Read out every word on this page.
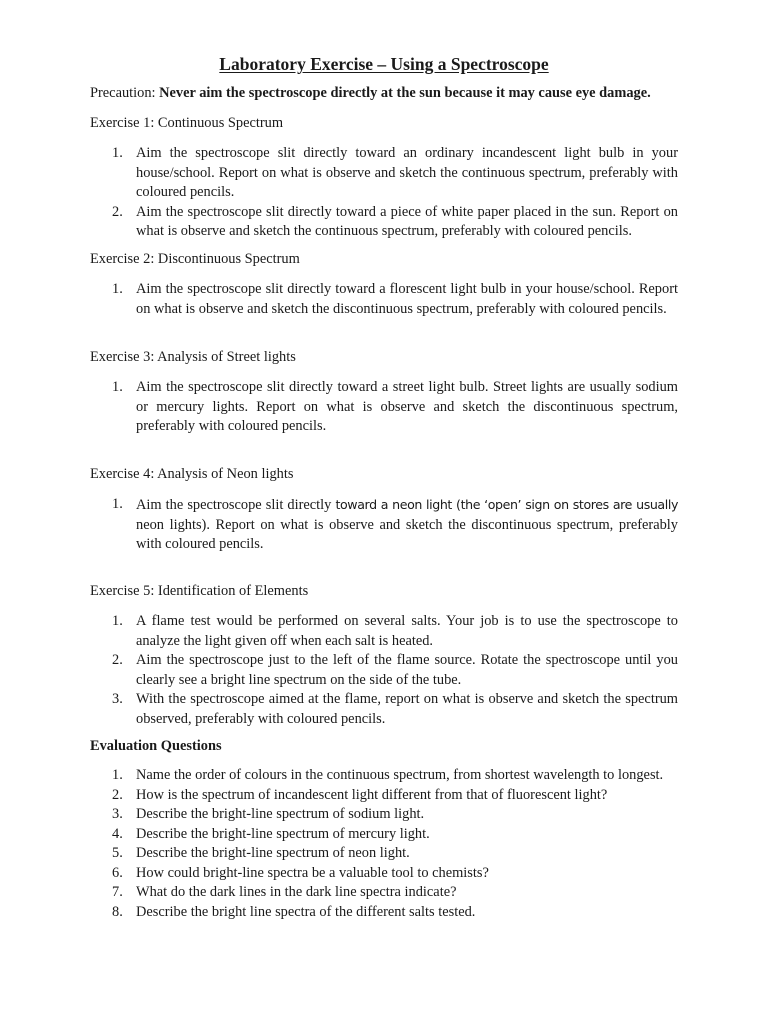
Laboratory Exercise – Using a Spectroscope

Precaution: Never aim the spectroscope directly at the sun because it may cause eye damage.

Exercise 1: Continuous Spectrum

1. Aim the spectroscope slit directly toward an ordinary incandescent light bulb in your house/school. Report on what is observe and sketch the continuous spectrum, preferably with coloured pencils.
2. Aim the spectroscope slit directly toward a piece of white paper placed in the sun. Report on what is observe and sketch the continuous spectrum, preferably with coloured pencils.

Exercise 2: Discontinuous Spectrum

1. Aim the spectroscope slit directly toward a florescent light bulb in your house/school. Report on what is observe and sketch the discontinuous spectrum, preferably with coloured pencils.

Exercise 3: Analysis of Street lights

1. Aim the spectroscope slit directly toward a street light bulb. Street lights are usually sodium or mercury lights. Report on what is observe and sketch the discontinuous spectrum, preferably with coloured pencils.

Exercise 4: Analysis of Neon lights

1. Aim the spectroscope slit directly toward a neon light (the ‘open’ sign on stores are usually neon lights). Report on what is observe and sketch the discontinuous spectrum, preferably with coloured pencils.

Exercise 5: Identification of Elements

1. A flame test would be performed on several salts. Your job is to use the spectroscope to analyze the light given off when each salt is heated.
2. Aim the spectroscope just to the left of the flame source. Rotate the spectroscope until you clearly see a bright line spectrum on the side of the tube.
3. With the spectroscope aimed at the flame, report on what is observe and sketch the spectrum observed, preferably with coloured pencils.

Evaluation Questions

1. Name the order of colours in the continuous spectrum, from shortest wavelength to longest.
2. How is the spectrum of incandescent light different from that of fluorescent light?
3. Describe the bright-line spectrum of sodium light.
4. Describe the bright-line spectrum of mercury light.
5. Describe the bright-line spectrum of neon light.
6. How could bright-line spectra be a valuable tool to chemists?
7. What do the dark lines in the dark line spectra indicate?
8. Describe the bright line spectra of the different salts tested.
